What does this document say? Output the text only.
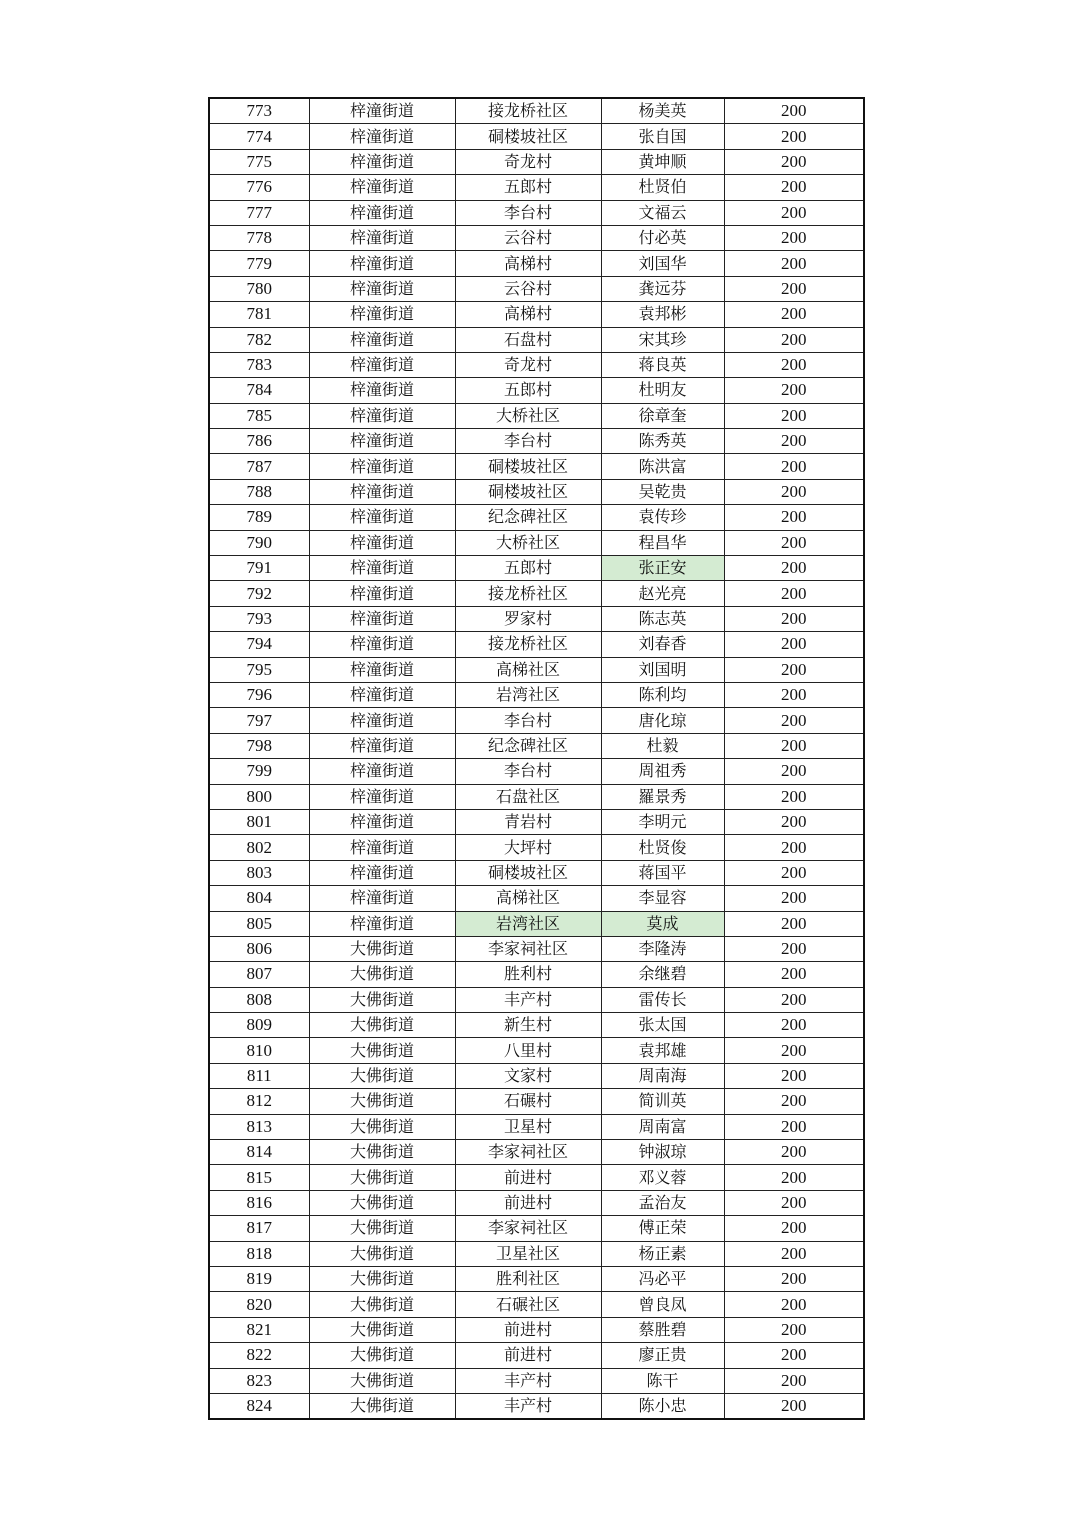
773	梓潼街道	接龙桥社区	杨美英	200
774	梓潼街道	硐楼坡社区	张自国	200
775	梓潼街道	奇龙村	黄坤顺	200
776	梓潼街道	五郎村	杜贤伯	200
777	梓潼街道	李台村	文福云	200
778	梓潼街道	云谷村	付必英	200
779	梓潼街道	高梯村	刘国华	200
780	梓潼街道	云谷村	龚远芬	200
781	梓潼街道	高梯村	袁邦彬	200
782	梓潼街道	石盘村	宋其珍	200
783	梓潼街道	奇龙村	蒋良英	200
784	梓潼街道	五郎村	杜明友	200
785	梓潼街道	大桥社区	徐章奎	200
786	梓潼街道	李台村	陈秀英	200
787	梓潼街道	硐楼坡社区	陈洪富	200
788	梓潼街道	硐楼坡社区	吴乾贵	200
789	梓潼街道	纪念碑社区	袁传珍	200
790	梓潼街道	大桥社区	程昌华	200
791	梓潼街道	五郎村	张正安	200
792	梓潼街道	接龙桥社区	赵光亮	200
793	梓潼街道	罗家村	陈志英	200
794	梓潼街道	接龙桥社区	刘春香	200
795	梓潼街道	高梯社区	刘国明	200
796	梓潼街道	岩湾社区	陈利均	200
797	梓潼街道	李台村	唐化琼	200
798	梓潼街道	纪念碑社区	杜毅	200
799	梓潼街道	李台村	周祖秀	200
800	梓潼街道	石盘社区	羅景秀	200
801	梓潼街道	青岩村	李明元	200
802	梓潼街道	大坪村	杜贤俊	200
803	梓潼街道	硐楼坡社区	蒋国平	200
804	梓潼街道	高梯社区	李显容	200
805	梓潼街道	岩湾社区	莫成	200
806	大佛街道	李家祠社区	李隆涛	200
807	大佛街道	胜利村	余继碧	200
808	大佛街道	丰产村	雷传长	200
809	大佛街道	新生村	张太国	200
810	大佛街道	八里村	袁邦雄	200
811	大佛街道	文家村	周南海	200
812	大佛街道	石碾村	简训英	200
813	大佛街道	卫星村	周南富	200
814	大佛街道	李家祠社区	钟淑琼	200
815	大佛街道	前进村	邓义蓉	200
816	大佛街道	前进村	孟治友	200
817	大佛街道	李家祠社区	傅正荣	200
818	大佛街道	卫星社区	杨正素	200
819	大佛街道	胜利社区	冯必平	200
820	大佛街道	石碾社区	曾良凤	200
821	大佛街道	前进村	蔡胜碧	200
822	大佛街道	前进村	廖正贵	200
823	大佛街道	丰产村	陈干	200
824	大佛街道	丰产村	陈小忠	200
